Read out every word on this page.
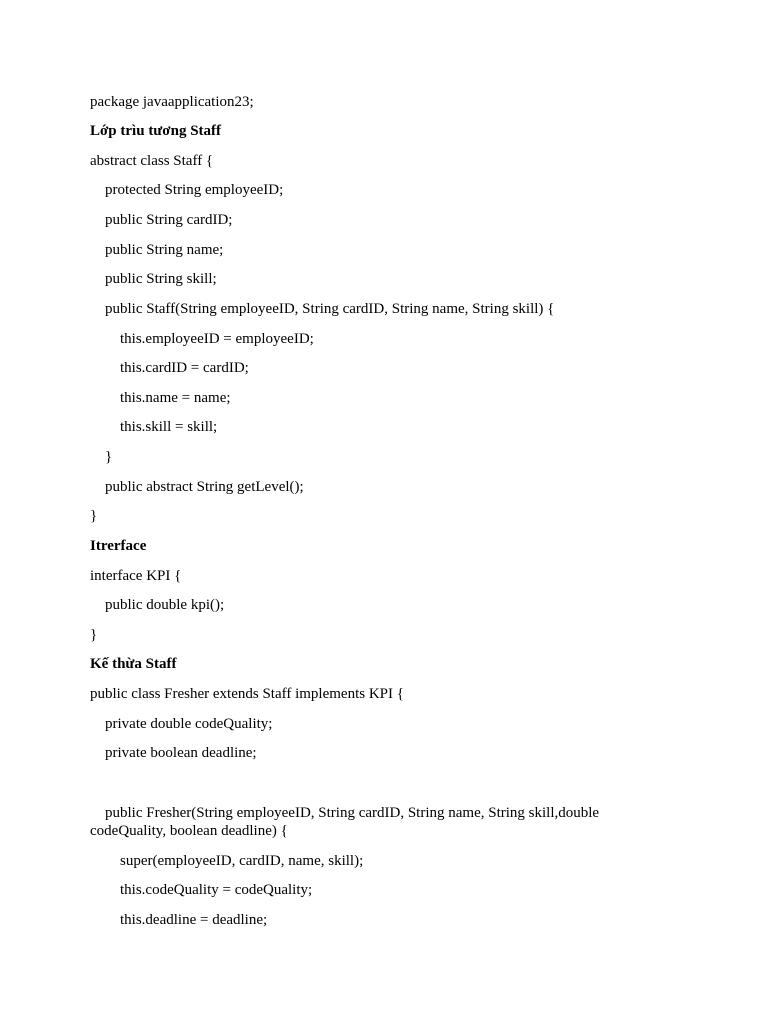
package javaapplication23;
Lớp trìu tương Staff
abstract class Staff {
protected String employeeID;
public String cardID;
public String name;
public String skill;
public Staff(String employeeID, String cardID, String name, String skill) {
this.employeeID = employeeID;
this.cardID = cardID;
this.name = name;
this.skill = skill;
}
public abstract String getLevel();
}
Itrerface
interface KPI {
public double kpi();
}
Kế thừa Staff
public class Fresher extends Staff implements KPI {
private double codeQuality;
private boolean deadline;
public Fresher(String employeeID, String cardID, String name, String skill,double
codeQuality, boolean deadline) {
super(employeeID, cardID, name, skill);
this.codeQuality = codeQuality;
this.deadline = deadline;
